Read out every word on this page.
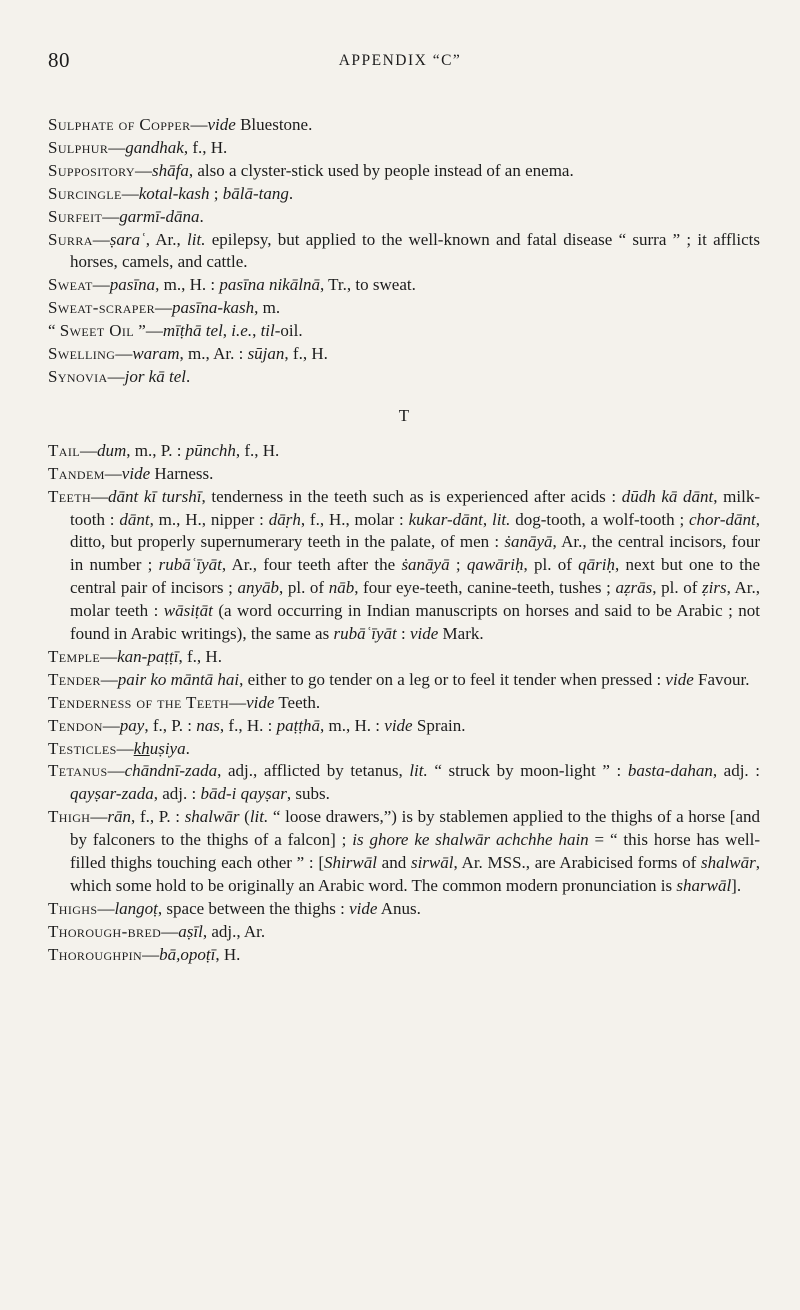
80	APPENDIX “C”

Sulphate of Copper—vide Bluestone.

Sulphur—gandhak, f., H.

Suppository—shāfa, also a clyster-stick used by people instead of an enema.

Surcingle—kotal-kash ; bālā-tang.

Surfeit—garmī-dāna.

Surra—ṣaraʿ, Ar., lit. epilepsy, but applied to the well-known and fatal disease “ surra ” ; it afflicts horses, camels, and cattle.

Sweat—pasīna, m., H. : pasīna nikālnā, Tr., to sweat.

Sweat-scraper—pasīna-kash, m.

“ Sweet Oil ”—mīṭhā tel, i.e., til-oil.

Swelling—waram, m., Ar. : sūjan, f., H.

Synovia—jor kā tel.

T

Tail—dum, m., P. : pūnchh, f., H.

Tandem—vide Harness.

Teeth—dānt kī turshī, tenderness in the teeth such as is experienced after acids : dūdh kā dānt, milk-tooth : dānt, m., H., nipper : dāṛh, f., H., molar : kukar-dānt, lit. dog-tooth, a wolf-tooth ; chor-dānt, ditto, but properly supernumerary teeth in the palate, of men : ṡanāyā, Ar., the central incisors, four in number ; rubāʿīyāt, Ar., four teeth after the ṡanāyā ; qawāriḥ, pl. of qāriḥ, next but one to the central pair of incisors ; anyāb, pl. of nāb, four eye-teeth, canine-teeth, tushes ; aẓrās, pl. of ẓirs, Ar., molar teeth : wāsiṭāt (a word occurring in Indian manuscripts on horses and said to be Arabic ; not found in Arabic writings), the same as rubāʿīyāt : vide Mark.

Temple—kan-paṭṭī, f., H.

Tender—pair ko māntā hai, either to go tender on a leg or to feel it tender when pressed : vide Favour.

Tenderness of the Teeth—vide Teeth.

Tendon—pay, f., P. : nas, f., H. : paṭṭhā, m., H. : vide Sprain.

Testicles—khuṣiya.

Tetanus—chāndnī-zada, adj., afflicted by tetanus, lit. “ struck by moon-light ” : basta-dahan, adj. : qayṣar-zada, adj. : bād-i qayṣar, subs.

Thigh—rān, f., P. : shalwār (lit. “ loose drawers,”) is by stablemen applied to the thighs of a horse [and by falconers to the thighs of a falcon] ; is ghore ke shalwār achchhe hain = “ this horse has well-filled thighs touching each other ” : [Shirwāl and sirwāl, Ar. MSS., are Arabicised forms of shalwār, which some hold to be originally an Arabic word. The common modern pronunciation is sharwāl].

Thighs—langoṭ, space between the thighs : vide Anus.

Thorough-bred—aṣīl, adj., Ar.

Thoroughpin—bā,opoṭī, H.
